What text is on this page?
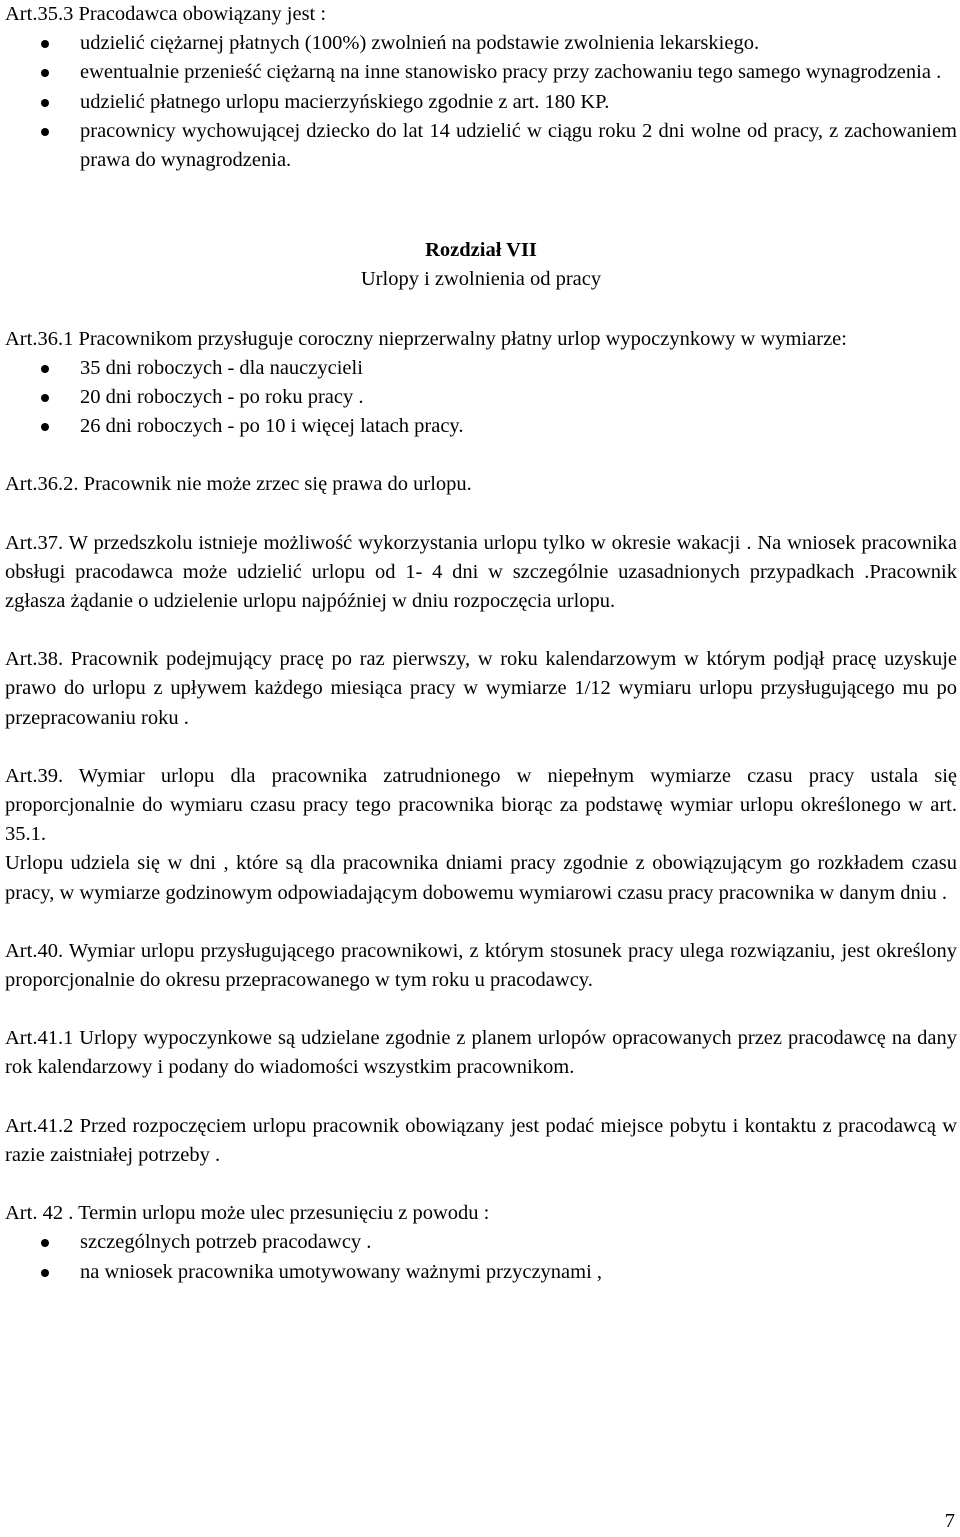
Art.35.3 Pracodawca obowiązany jest :

udzielić ciężarnej płatnych (100%) zwolnień na podstawie zwolnienia lekarskiego.
ewentualnie przenieść ciężarną na inne stanowisko pracy przy zachowaniu tego samego wynagrodzenia .
udzielić płatnego urlopu macierzyńskiego zgodnie z art. 180 KP.
pracownicy wychowującej dziecko do lat 14 udzielić w ciągu roku 2 dni wolne od pracy, z zachowaniem prawa do wynagrodzenia.

Rozdział VII

Urlopy i zwolnienia od pracy

Art.36.1 Pracownikom przysługuje coroczny nieprzerwalny płatny urlop wypoczynkowy w wymiarze:

35 dni roboczych - dla nauczycieli
20 dni roboczych - po roku pracy .
26 dni roboczych - po 10 i więcej latach pracy.

Art.36.2. Pracownik nie może zrzec się prawa do urlopu.

Art.37. W przedszkolu istnieje możliwość wykorzystania urlopu tylko w okresie wakacji . Na wniosek pracownika obsługi pracodawca może udzielić urlopu od 1- 4 dni w szczególnie uzasadnionych przypadkach .Pracownik zgłasza żądanie o udzielenie urlopu najpóźniej w dniu rozpoczęcia urlopu.

Art.38. Pracownik podejmujący pracę po raz pierwszy, w roku kalendarzowym w którym podjął pracę uzyskuje prawo do urlopu z upływem każdego miesiąca pracy w wymiarze 1/12 wymiaru urlopu przysługującego mu po przepracowaniu roku .

Art.39. Wymiar urlopu dla pracownika zatrudnionego w niepełnym wymiarze czasu pracy ustala się proporcjonalnie do wymiaru czasu pracy tego pracownika biorąc za podstawę wymiar urlopu określonego w art. 35.1.

Urlopu udziela się w dni , które są dla pracownika dniami pracy zgodnie z obowiązującym go rozkładem czasu pracy, w wymiarze godzinowym odpowiadającym dobowemu wymiarowi czasu pracy pracownika w danym dniu .

Art.40. Wymiar urlopu przysługującego pracownikowi, z którym stosunek pracy ulega rozwiązaniu, jest określony proporcjonalnie do okresu przepracowanego w tym roku u pracodawcy.

Art.41.1 Urlopy wypoczynkowe są udzielane zgodnie z planem urlopów opracowanych przez pracodawcę na dany rok kalendarzowy i podany do wiadomości wszystkim pracownikom.

Art.41.2 Przed rozpoczęciem urlopu pracownik obowiązany jest podać miejsce pobytu i kontaktu z pracodawcą w razie zaistniałej potrzeby .

Art. 42 . Termin urlopu może ulec przesunięciu z powodu :

szczególnych potrzeb pracodawcy .
na wniosek pracownika umotywowany ważnymi przyczynami ,
7
